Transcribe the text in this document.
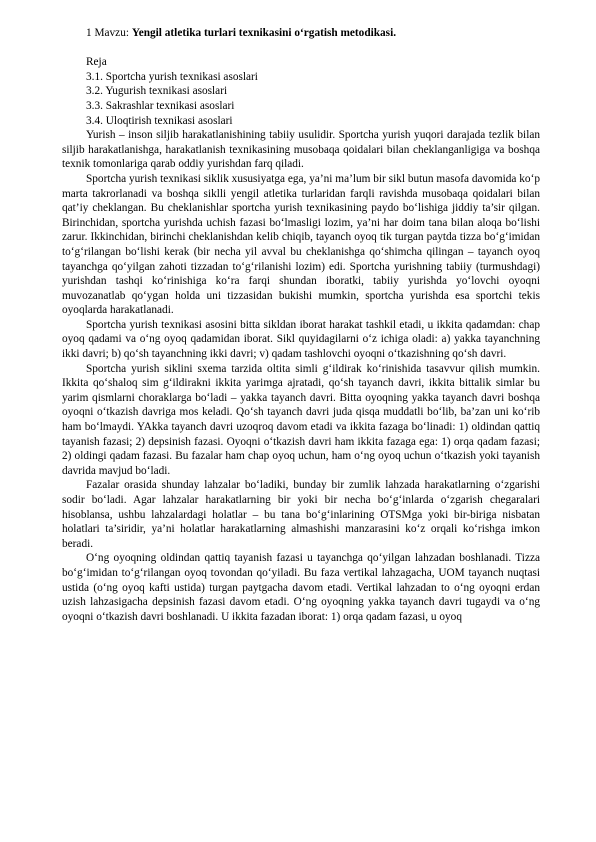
1 Mavzu: Yengil atletika turlari texnikasini o‘rgatish metodikasi.
Reja
3.1. Sportcha yurish texnikasi asoslari
3.2. Yugurish texnikasi asoslari
3.3. Sakrashlar texnikasi asoslari
3.4. Uloqtirish texnikasi asoslari

Yurish – inson siljib harakatlanishining tabiiy usulidir. Sportcha yurish yuqori darajada tezlik bilan siljib harakatlanishga, harakatlanish texnikasining musobaqa qoidalari bilan cheklanganligiga va boshqa texnik tomonlariga qarab oddiy yurishdan farq qiladi.

Sportcha yurish texnikasi siklik xususiyatga ega, ya’ni ma’lum bir sikl butun masofa davomida ko‘p marta takrorlanadi va boshqa siklli yengil atletika turlaridan farqli ravishda musobaqa qoidalari bilan qat’iy cheklangan. Bu cheklanishlar sportcha yurish texnikasining paydo bo‘lishiga jiddiy ta’sir qilgan. Birinchidan, sportcha yurishda uchish fazasi bo‘lmasligi lozim, ya’ni har doim tana bilan aloqa bo‘lishi zarur. Ikkinchidan, birinchi cheklanishdan kelib chiqib, tayanch oyoq tik turgan paytda tizza bo‘g‘imidan to‘g‘rilangan bo‘lishi kerak (bir necha yil avval bu cheklanishga qo‘shimcha qilingan – tayanch oyoq tayanchga qo‘yilgan zahoti tizzadan to‘g‘rilanishi lozim) edi. Sportcha yurishning tabiiy (turmushdagi) yurishdan tashqi ko‘rinishiga ko‘ra farqi shundan iboratki, tabiiy yurishda yo‘lovchi oyoqni muvozanatlab qo‘ygan holda uni tizzasidan bukishi mumkin, sportcha yurishda esa sportchi tekis oyoqlarda harakatlanadi.

Sportcha yurish texnikasi asosini bitta sikldan iborat harakat tashkil etadi, u ikkita qadamdan: chap oyoq qadami va o‘ng oyoq qadamidan iborat. Sikl quyidagilarni o‘z ichiga oladi: a) yakka tayanchning ikki davri; b) qo‘sh tayanchning ikki davri; v) qadam tashlovchi oyoqni o‘tkazishning qo‘sh davri.

Sportcha yurish siklini sxema tarzida oltita simli g‘ildirak ko‘rinishida tasavvur qilish mumkin. Ikkita qo‘shaloq sim g‘ildirakni ikkita yarimga ajratadi, qo‘sh tayanch davri, ikkita bittalik simlar bu yarim qismlarni choraklarga bo‘ladi – yakka tayanch davri. Bitta oyoqning yakka tayanch davri boshqa oyoqni o‘tkazish davriga mos keladi. Qo‘sh tayanch davri juda qisqa muddatli bo‘lib, ba’zan uni ko‘rib ham bo‘lmaydi. YAkka tayanch davri uzoqroq davom etadi va ikkita fazaga bo‘linadi: 1) oldindan qattiq tayanish fazasi; 2) depsinish fazasi. Oyoqni o‘tkazish davri ham ikkita fazaga ega: 1) orqa qadam fazasi; 2) oldingi qadam fazasi. Bu fazalar ham chap oyoq uchun, ham o‘ng oyoq uchun o‘tkazish yoki tayanish davrida mavjud bo‘ladi.

Fazalar orasida shunday lahzalar bo‘ladiki, bunday bir zumlik lahzada harakatlarning o‘zgarishi sodir bo‘ladi. Agar lahzalar harakatlarning bir yoki bir necha bo‘g‘inlarda o‘zgarish chegaralari hisoblansa, ushbu lahzalardagi holatlar – bu tana bo‘g‘inlarining OTSMga yoki bir-biriga nisbatan holatlari ta’siridir, ya’ni holatlar harakatlarning almashishi manzarasini ko‘z orqali ko‘rishga imkon beradi.

O‘ng oyoqning oldindan qattiq tayanish fazasi u tayanchga qo‘yilgan lahzadan boshlanadi. Tizza bo‘g‘imidan to‘g‘rilangan oyoq tovondan qo‘yiladi. Bu faza vertikal lahzagacha, UOM tayanch nuqtasi ustida (o‘ng oyoq kafti ustida) turgan paytgacha davom etadi. Vertikal lahzadan to o‘ng oyoqni erdan uzish lahzasigacha depsinish fazasi davom etadi. O‘ng oyoqning yakka tayanch davri tugaydi va o‘ng oyoqni o‘tkazish davri boshlanadi. U ikkita fazadan iborat: 1) orqa qadam fazasi, u oyoq
